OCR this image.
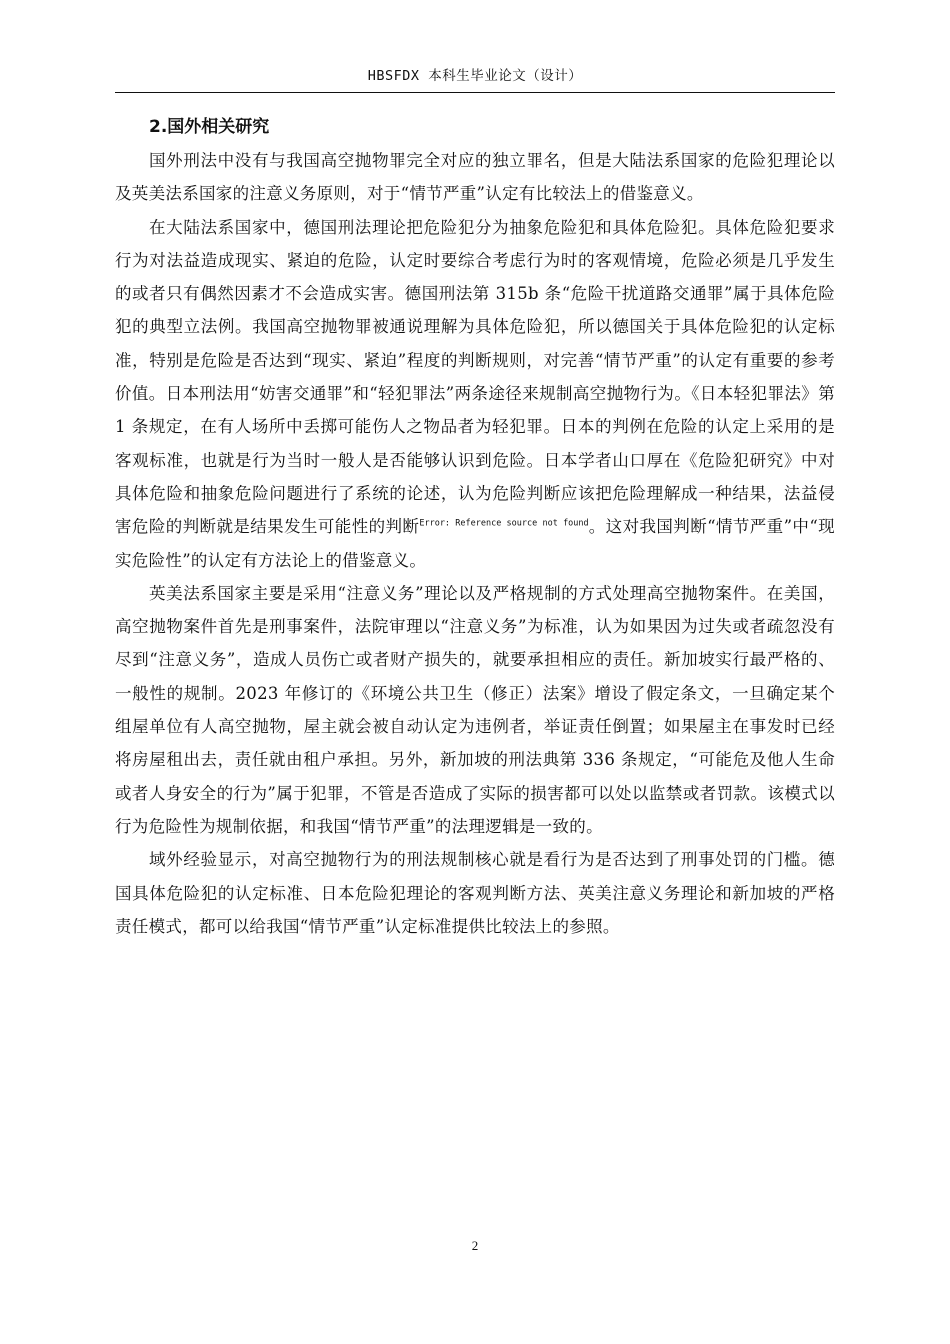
HBSFDX 本科生毕业论文（设计）

2.国外相关研究

国外刑法中没有与我国高空抛物罪完全对应的独立罪名，但是大陆法系国家的危险犯理论以及英美法系国家的注意义务原则，对于“情节严重”认定有比较法上的借鉴意义。

在大陆法系国家中，德国刑法理论把危险犯分为抽象危险犯和具体危险犯。具体危险犯要求行为对法益造成现实、紧迫的危险，认定时要综合考虑行为时的客观情境，危险必须是几乎发生的或者只有偶然因素才不会造成实害。德国刑法第 315b 条“危险干扰道路交通罪”属于具体危险犯的典型立法例。我国高空抛物罪被通说理解为具体危险犯，所以德国关于具体危险犯的认定标准，特别是危险是否达到“现实、紧迫”程度的判断规则，对完善“情节严重”的认定有重要的参考价值。日本刑法用“妨害交通罪”和“轻犯罪法”两条途径来规制高空抛物行为。《日本轻犯罪法》第 1 条规定，在有人场所中丢掷可能伤人之物品者为轻犯罪。日本的判例在危险的认定上采用的是客观标准，也就是行为当时一般人是否能够认识到危险。日本学者山口厚在《危险犯研究》中对具体危险和抽象危险问题进行了系统的论述，认为危险判断应该把危险理解成一种结果，法益侵害危险的判断就是结果发生可能性的判断$^{Error: Reference source not found}$。这对我国判断“情节严重”中“现实危险性”的认定有方法论上的借鉴意义。

英美法系国家主要是采用“注意义务”理论以及严格规制的方式处理高空抛物案件。在美国，高空抛物案件首先是刑事案件，法院审理以“注意义务”为标准，认为如果因为过失或者疏忽没有尽到“注意义务”，造成人员伤亡或者财产损失的，就要承担相应的责任。新加坡实行最严格的、一般性的规制。2023 年修订的《环境公共卫生（修正）法案》增设了假定条文，一旦确定某个组屋单位有人高空抛物，屋主就会被自动认定为违例者，举证责任倒置；如果屋主在事发时已经将房屋租出去，责任就由租户承担。另外，新加坡的刑法典第 336 条规定，“可能危及他人生命或者人身安全的行为”属于犯罪，不管是否造成了实际的损害都可以处以监禁或者罚款。该模式以行为危险性为规制依据，和我国“情节严重”的法理逻辑是一致的。

域外经验显示，对高空抛物行为的刑法规制核心就是看行为是否达到了刑事处罚的门槛。德国具体危险犯的认定标准、日本危险犯理论的客观判断方法、英美注意义务理论和新加坡的严格责任模式，都可以给我国“情节严重”认定标准提供比较法上的参照。

2
